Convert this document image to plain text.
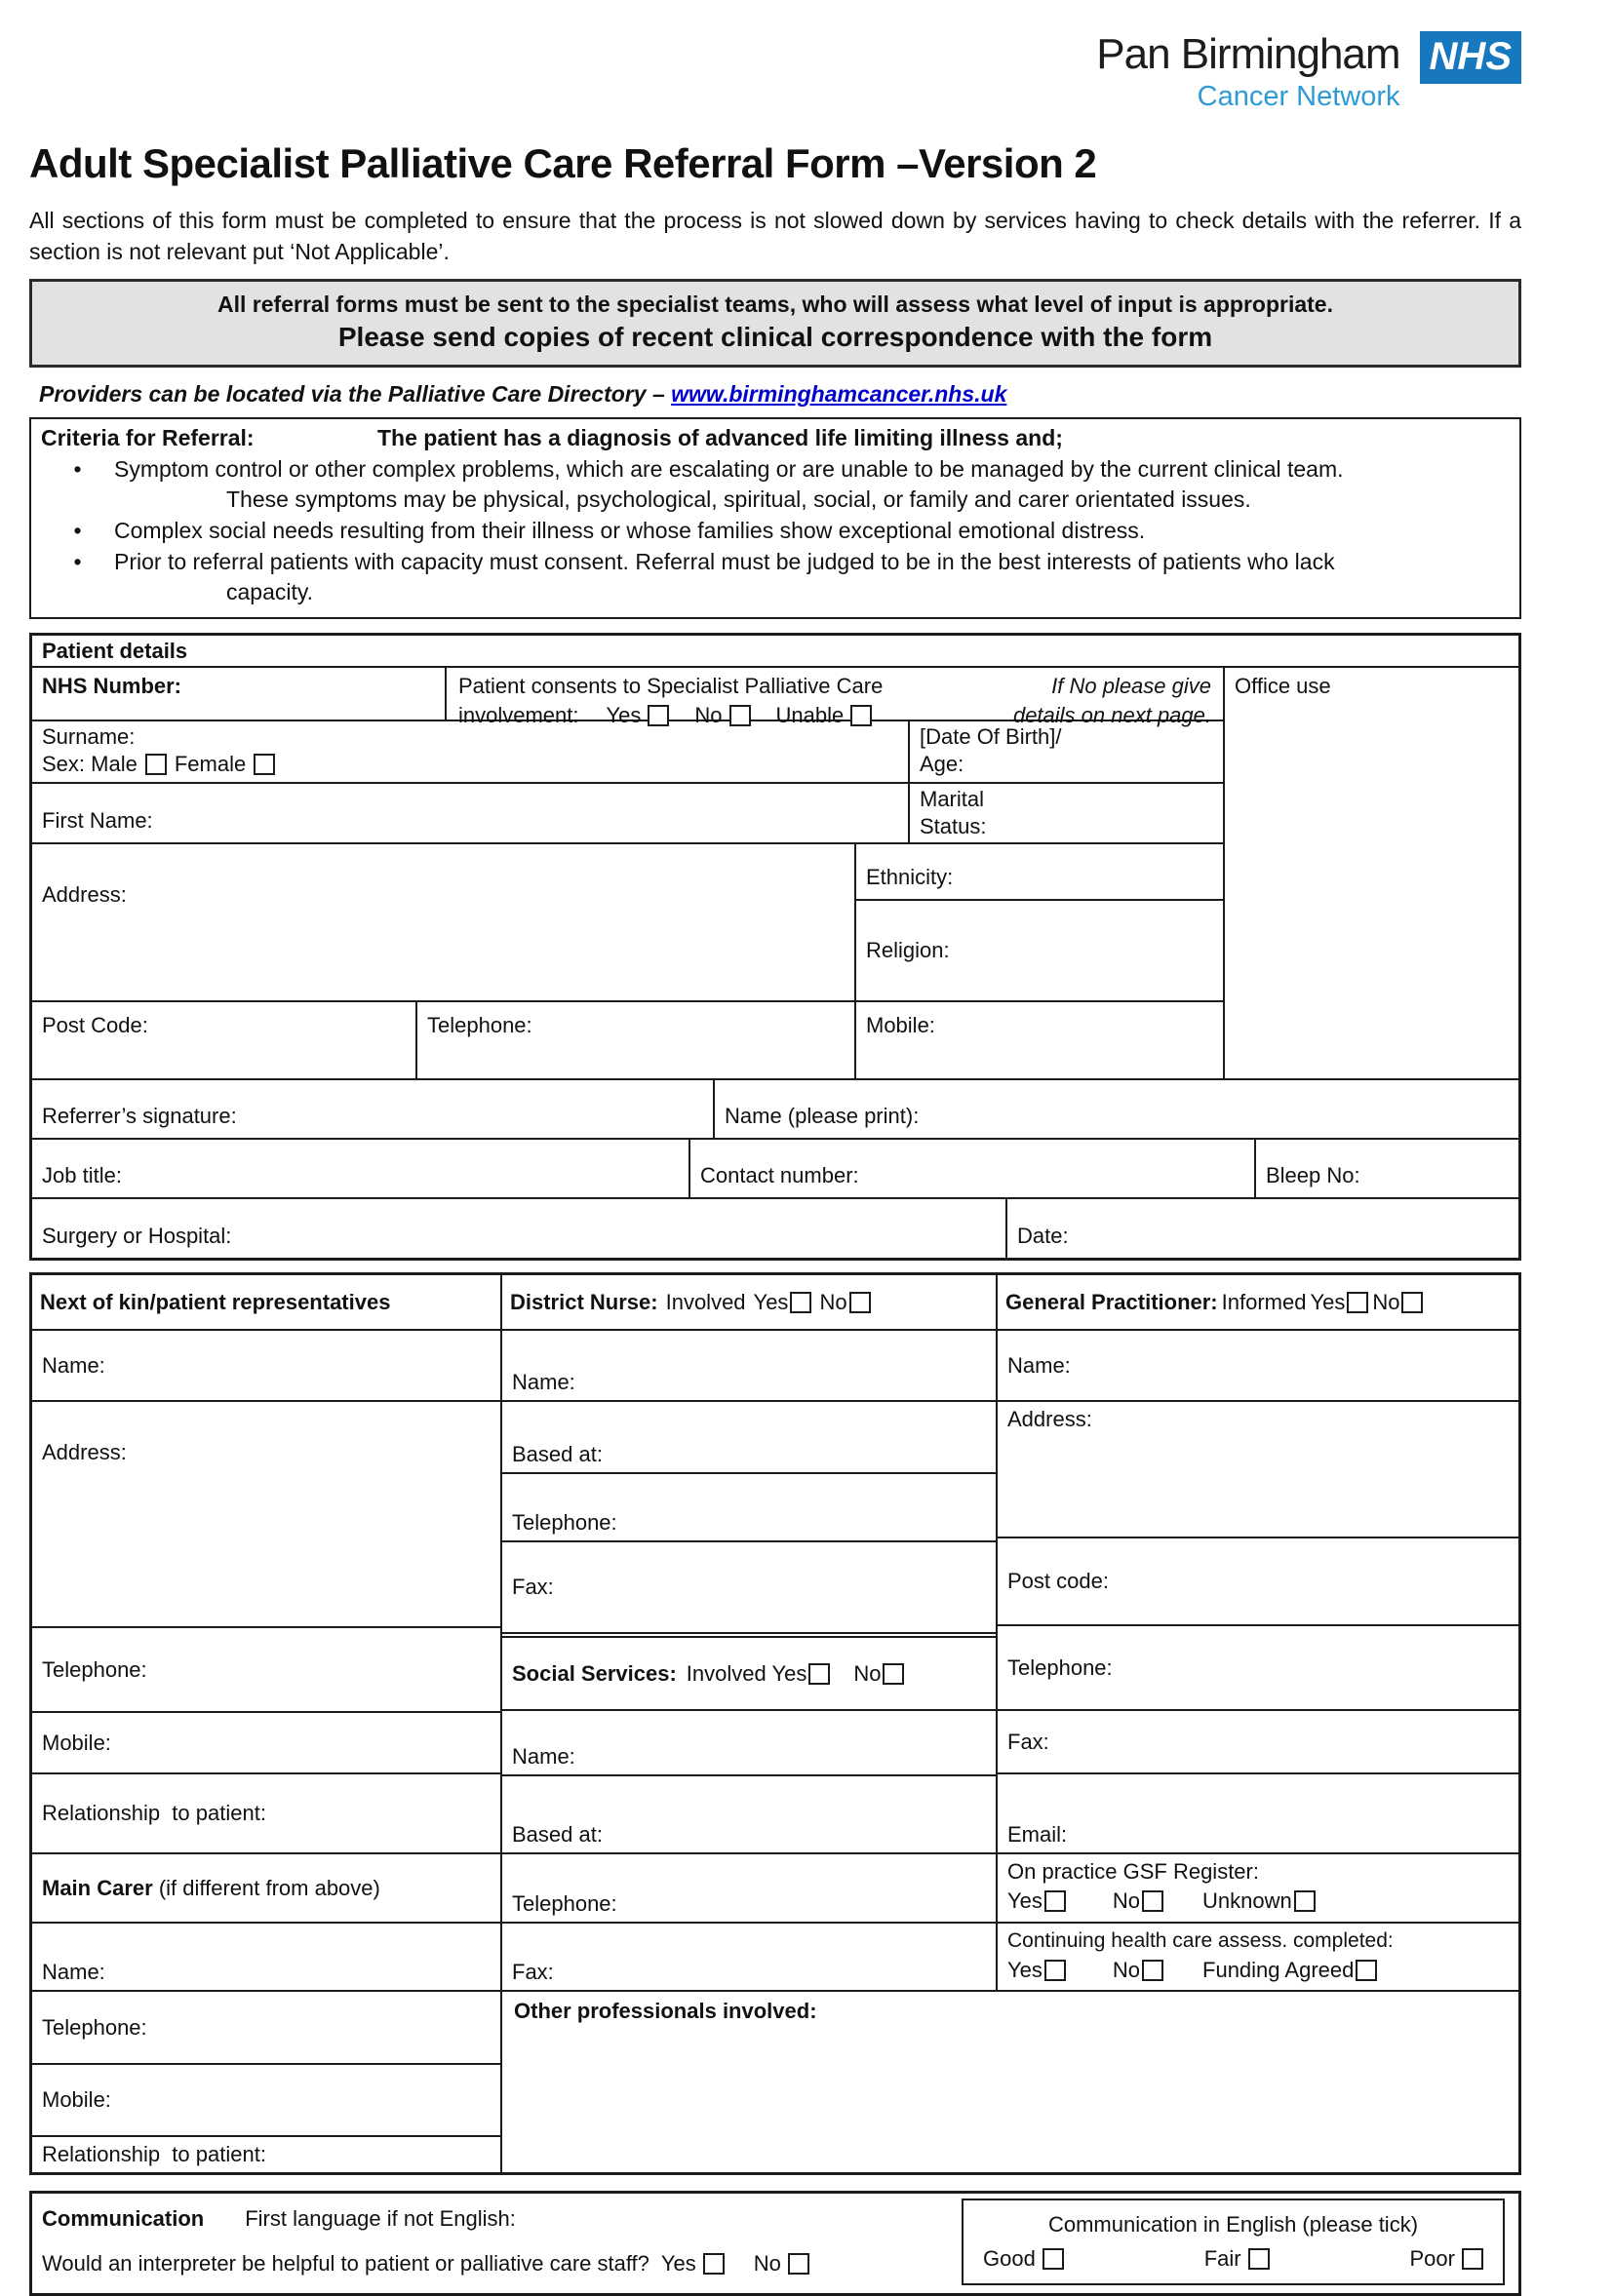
Pan Birmingham
Cancer Network
NHS
Adult Specialist Palliative Care Referral Form –Version 2
All sections of this form must be completed to ensure that the process is not slowed down by services having to check details with the referrer. If a section is not relevant put ‘Not Applicable’.
All referral forms must be sent to the specialist teams, who will assess what level of input is appropriate.
Please send copies of recent clinical correspondence with the form
Providers can be located via the Palliative Care Directory – www.birminghamcancer.nhs.uk
Criteria for Referral:	The patient has a diagnosis of advanced life limiting illness and;
•	Symptom control or other complex problems, which are escalating or are unable to be managed by the current clinical team.
These symptoms may be physical, psychological, spiritual, social, or family and carer orientated issues.
•	Complex social needs resulting from their illness or whose families show exceptional emotional distress.
•	Prior to referral patients with capacity must consent. Referral must be judged to be in the best interests of patients who lack
capacity.
Patient details
NHS Number:	Patient consents to Specialist Palliative Care	If No please give
involvement: Yes	No	Unable	details on next page.
Surname:
Sex: Male Female
[Date Of Birth]/
Age:
First Name:
Marital
Status:
Address:
Ethnicity:
Religion:
Post Code:	Telephone:	Mobile:
Office use
Referrer’s signature:	Name (please print):
Job title:	Contact number:	Bleep No:
Surgery or Hospital:	Date:
Next of kin/patient representatives
Name:
Address:
Telephone:
Mobile:
Relationship  to patient:
Main Carer (if different from above)
Name:
Telephone:
Mobile:
Relationship  to patient:
District Nurse: Involved Yes No
Name:
Based at:
Telephone:
Fax:
Social Services: Involved Yes No
Name:
Based at:
Telephone:
Fax:
General Practitioner: Informed Yes No
Name:
Address:
Post code:
Telephone:
Fax:
Email:
On practice GSF Register:
Yes	No	Unknown
Continuing health care assess. completed:
Yes	No	Funding Agreed
Other professionals involved:
Communication First language if not English:
Would an interpreter be helpful to patient or palliative care staff? Yes	No
Communication in English (please tick)
Good	Fair	Poor
